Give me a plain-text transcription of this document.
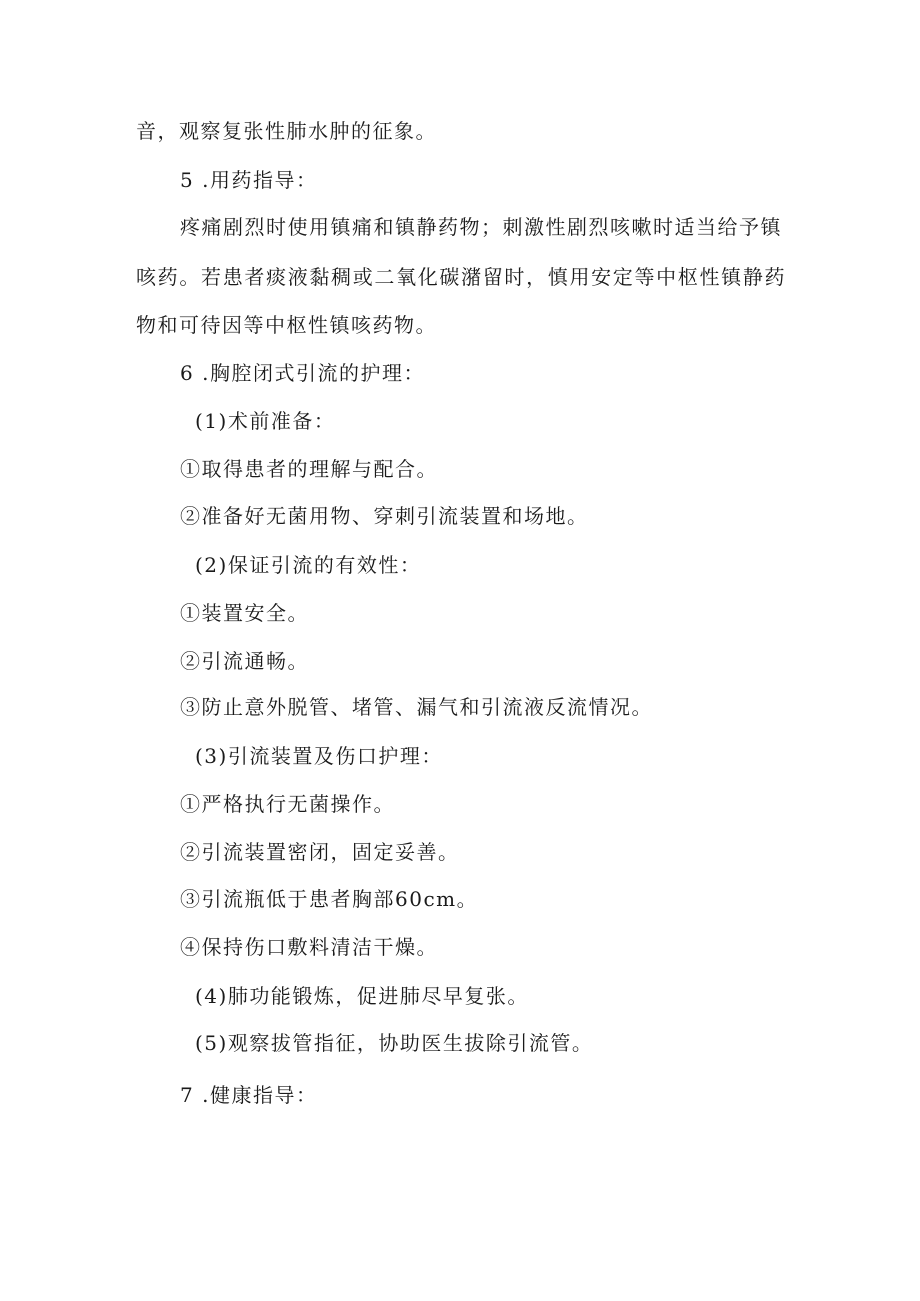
音，观察复张性肺水肿的征象。
5 .用药指导：
疼痛剧烈时使用镇痛和镇静药物；刺激性剧烈咳嗽时适当给予镇
咳药。若患者痰液黏稠或二氧化碳潴留时，慎用安定等中枢性镇静药
物和可待因等中枢性镇咳药物。
6 .胸腔闭式引流的护理：
(1)术前准备：
①取得患者的理解与配合。
②准备好无菌用物、穿刺引流装置和场地。
(2)保证引流的有效性：
①装置安全。
②引流通畅。
③防止意外脱管、堵管、漏气和引流液反流情况。
(3)引流装置及伤口护理：
①严格执行无菌操作。
②引流装置密闭，固定妥善。
③引流瓶低于患者胸部60cm。
④保持伤口敷料清洁干燥。
(4)肺功能锻炼，促进肺尽早复张。
(5)观察拔管指征，协助医生拔除引流管。
7 .健康指导：
